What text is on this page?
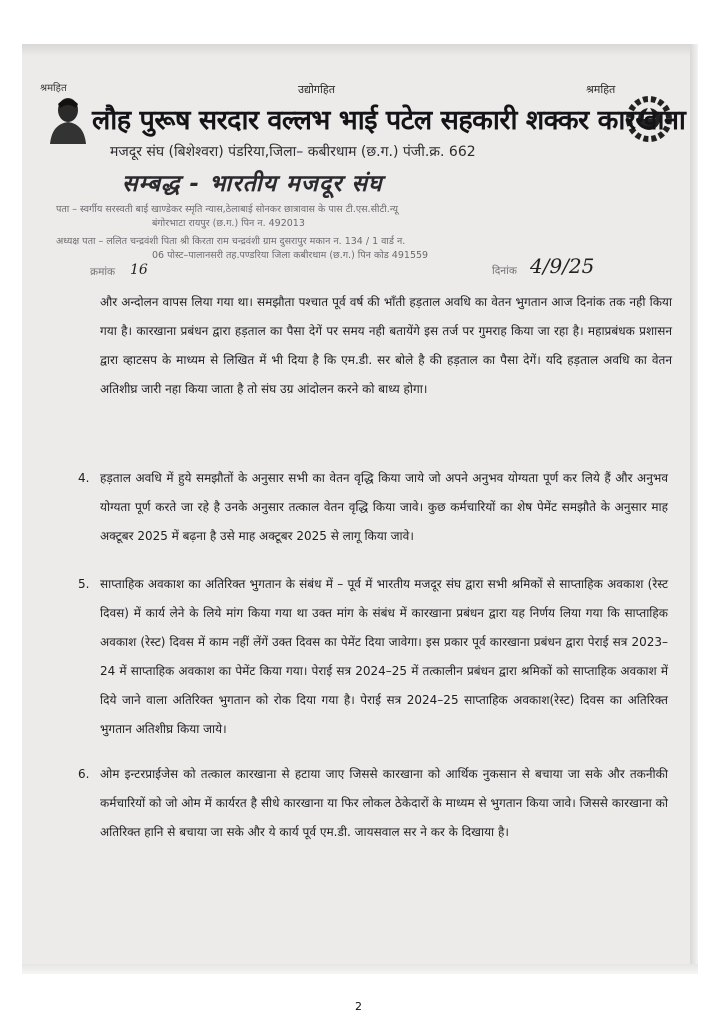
श्रमहित	उद्योगहित	श्रमहित
लौह पुरूष सरदार वल्लभ भाई पटेल सहकारी शक्कर कारखाना
मजदूर संघ (बिशेश्वरा) पंडरिया,जिला– कबीरधाम (छ.ग.) पंजी.क्र. 662
सम्बद्ध - भारतीय मजदूर संघ
पता – स्वर्गीय सरस्वती बाई खाण्डेकर स्मृति न्यास,ठेलाबाई सोनकर छात्रावास के पास टी.एस.सीटी.न्यू
बंगोरभाटा रायपुर (छ.ग.) पिन न. 492013
अध्यक्ष पता – ललित चन्द्रवंशी पिता श्री किरता राम चन्द्रवंशी ग्राम दुसरापुर मकान न. 134 / 1 वार्ड न.
06 पोस्ट–पालानसरी तह.पण्डरिया जिला कबीरधाम (छ.ग.) पिन कोड 491559
क्रमांक 16	दिनांक 4/9/25
और अन्दोलन वापस लिया गया था। समझौता पश्चात पूर्व वर्ष की भाँती हड़ताल अवधि का वेतन भुगतान आज दिनांक तक नही किया गया है। कारखाना प्रबंधन द्वारा हड़ताल का पैसा देगें पर समय नही बतायेंगे इस तर्ज पर गुमराह किया जा रहा है। महाप्रबंधक प्रशासन द्वारा व्हाटसप के माध्यम से लिखित में भी दिया है कि एम.डी. सर बोले है की हड़ताल का पैसा देगें। यदि हड़ताल अवधि का वेतन अतिशीघ्र जारी नहा किया जाता है तो संघ उग्र आंदोलन करने को बाध्य होगा।
4. हड़ताल अवधि में हुये समझौतों के अनुसार सभी का वेतन वृद्धि किया जाये जो अपने अनुभव योग्यता पूर्ण कर लिये हैं और अनुभव योग्यता पूर्ण करते जा रहे है उनके अनुसार तत्काल वेतन वृद्धि किया जावे। कुछ कर्मचारियों का शेष पेमेंट समझौते के अनुसार माह अक्टूबर 2025 में बढ़ना है उसे माह अक्टूबर 2025 से लागू किया जावे।
5. साप्ताहिक अवकाश का अतिरिक्त भुगतान के संबंध में – पूर्व में भारतीय मजदूर संघ द्वारा सभी श्रमिकों से साप्ताहिक अवकाश (रेस्ट दिवस) में कार्य लेने के लिये मांग किया गया था उक्त मांग के संबंध में कारखाना प्रबंधन द्वारा यह निर्णय लिया गया कि साप्ताहिक अवकाश (रेस्ट) दिवस में काम नहीं लेंगें उक्त दिवस का पेमेंट दिया जावेगा। इस प्रकार पूर्व कारखाना प्रबंधन द्वारा पेराई सत्र 2023–24 में साप्ताहिक अवकाश का पेमेंट किया गया। पेराई सत्र 2024–25 में तत्कालीन प्रबंधन द्वारा श्रमिकों को साप्ताहिक अवकाश में दिये जाने वाला अतिरिक्त भुगतान को रोक दिया गया है। पेराई सत्र 2024–25 साप्ताहिक अवकाश(रेस्ट) दिवस का अतिरिक्त भुगतान अतिशीघ्र किया जाये।
6. ओम इन्टरप्राईजेस को तत्काल कारखाना से हटाया जाए जिससे कारखाना को आर्थिक नुकसान से बचाया जा सके और तकनीकी कर्मचारियों को जो ओम में कार्यरत है सीधे कारखाना या फिर लोकल ठेकेदारों के माध्यम से भुगतान किया जावे। जिससे कारखाना को अतिरिक्त हानि से बचाया जा सके और ये कार्य पूर्व एम.डी. जायसवाल सर ने कर के दिखाया है।
2
